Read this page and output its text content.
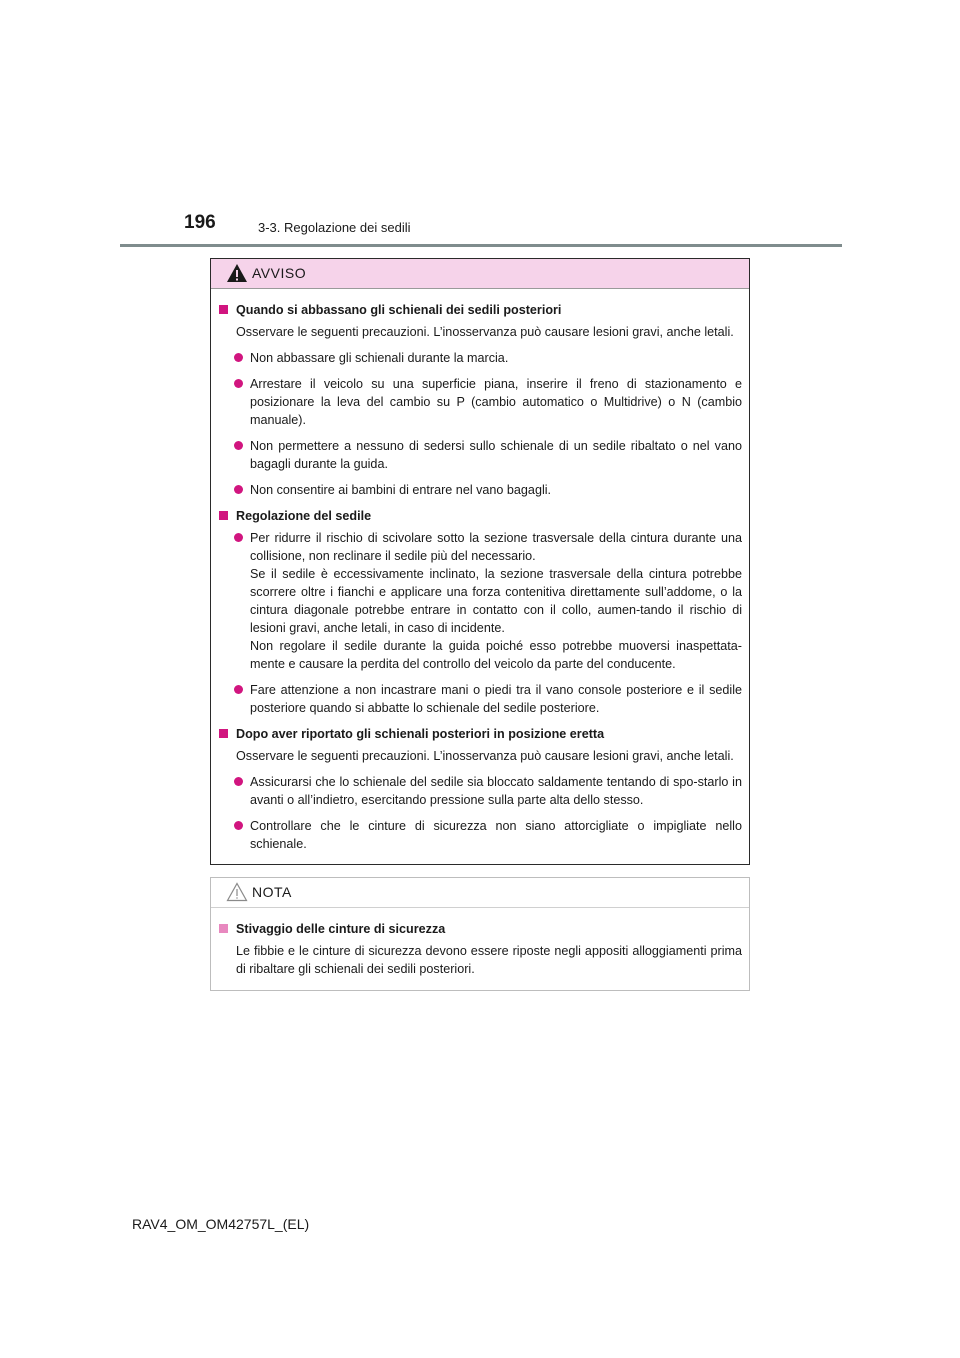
196	3-3. Regolazione dei sedili
AVVISO
Quando si abbassano gli schienali dei sedili posteriori
Osservare le seguenti precauzioni. L’inosservanza può causare lesioni gravi, anche letali.

Non abbassare gli schienali durante la marcia.

Arrestare il veicolo su una superficie piana, inserire il freno di stazionamento e posizionare la leva del cambio su P (cambio automatico o Multidrive) o N (cambio manuale).

Non permettere a nessuno di sedersi sullo schienale di un sedile ribaltato o nel vano bagagli durante la guida.

Non consentire ai bambini di entrare nel vano bagagli.

Regolazione del sedile

Per ridurre il rischio di scivolare sotto la sezione trasversale della cintura durante una collisione, non reclinare il sedile più del necessario.

Se il sedile è eccessivamente inclinato, la sezione trasversale della cintura potrebbe scorrere oltre i fianchi e applicare una forza contenitiva direttamente sull’addome, o la cintura diagonale potrebbe entrare in contatto con il collo, aumen-tando il rischio di lesioni gravi, anche letali, in caso di incidente.

Non regolare il sedile durante la guida poiché esso potrebbe muoversi inaspettata-mente e causare la perdita del controllo del veicolo da parte del conducente.

Fare attenzione a non incastrare mani o piedi tra il vano console posteriore e il sedile posteriore quando si abbatte lo schienale del sedile posteriore.

Dopo aver riportato gli schienali posteriori in posizione eretta
Osservare le seguenti precauzioni. L’inosservanza può causare lesioni gravi, anche letali.

Assicurarsi che lo schienale del sedile sia bloccato saldamente tentando di spo-starlo in avanti o all’indietro, esercitando pressione sulla parte alta dello stesso.

Controllare che le cinture di sicurezza non siano attorcigliate o impigliate nello schienale.

NOTA
Stivaggio delle cinture di sicurezza
Le fibbie e le cinture di sicurezza devono essere riposte negli appositi alloggiamenti prima di ribaltare gli schienali dei sedili posteriori.
RAV4_OM_OM42757L_(EL)
